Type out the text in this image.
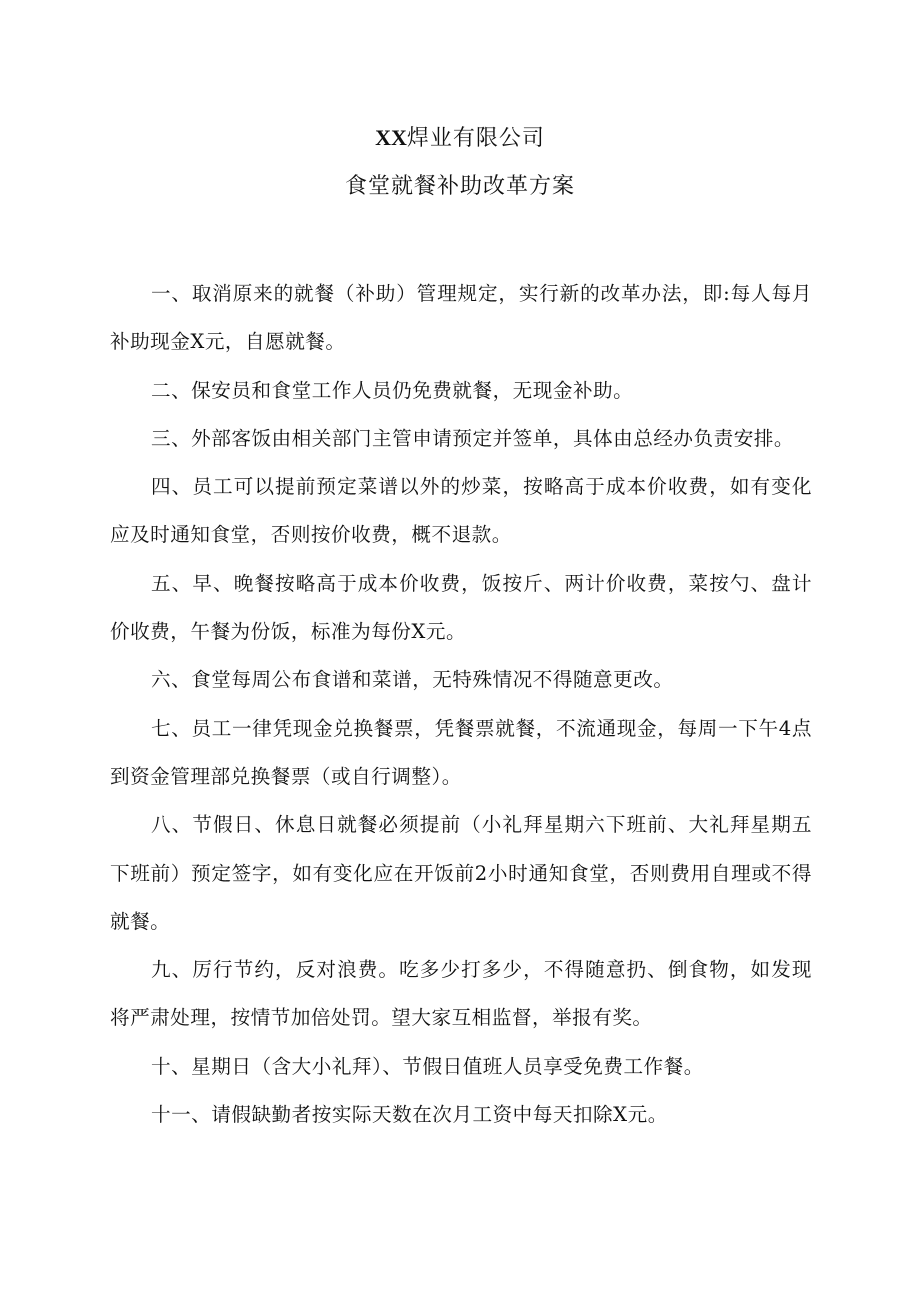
XX焊业有限公司
食堂就餐补助改革方案

一、取消原来的就餐（补助）管理规定，实行新的改革办法，即:每人每月补助现金X元，自愿就餐。

二、保安员和食堂工作人员仍免费就餐，无现金补助。

三、外部客饭由相关部门主管申请预定并签单，具体由总经办负责安排。

四、员工可以提前预定菜谱以外的炒菜，按略高于成本价收费，如有变化应及时通知食堂，否则按价收费，概不退款。

五、早、晚餐按略高于成本价收费，饭按斤、两计价收费，菜按勺、盘计价收费，午餐为份饭，标准为每份X元。

六、食堂每周公布食谱和菜谱，无特殊情况不得随意更改。

七、员工一律凭现金兑换餐票，凭餐票就餐，不流通现金，每周一下午4点到资金管理部兑换餐票（或自行调整）。

八、节假日、休息日就餐必须提前（小礼拜星期六下班前、大礼拜星期五下班前）预定签字，如有变化应在开饭前2小时通知食堂，否则费用自理或不得就餐。

九、厉行节约，反对浪费。吃多少打多少，不得随意扔、倒食物，如发现将严肃处理，按情节加倍处罚。望大家互相监督，举报有奖。

十、星期日（含大小礼拜）、节假日值班人员享受免费工作餐。

十一、请假缺勤者按实际天数在次月工资中每天扣除X元。
